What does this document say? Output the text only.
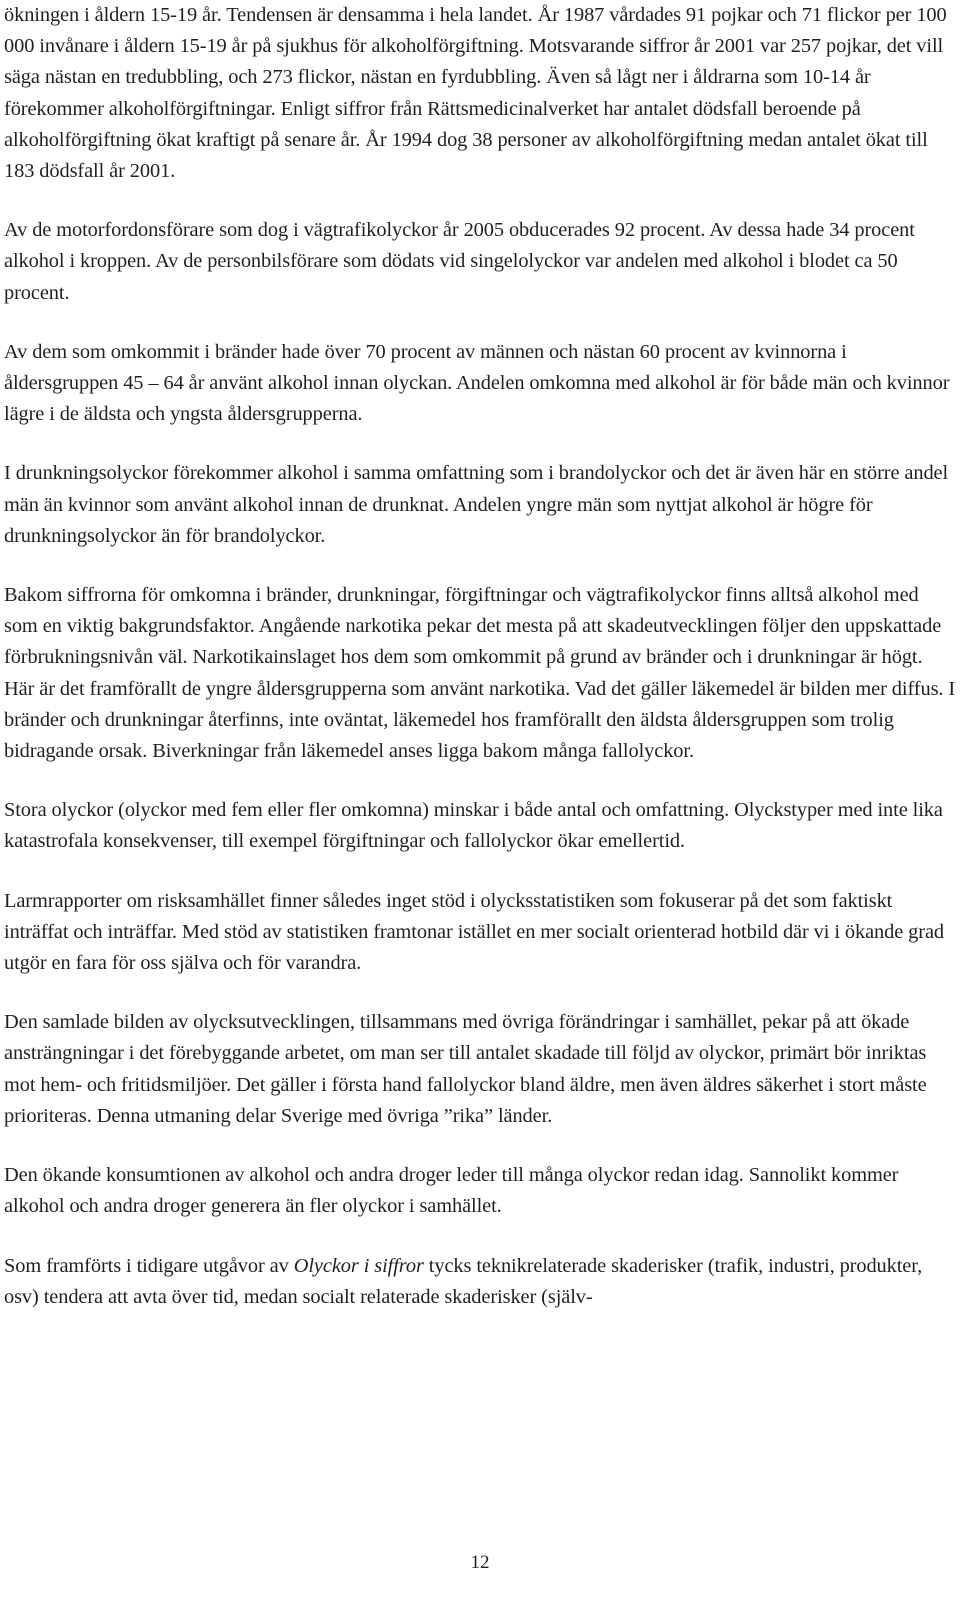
ökningen i åldern 15-19 år. Tendensen är densamma i hela landet. År 1987 vårdades 91 pojkar och 71 flickor per 100 000 invånare i åldern 15-19 år på sjukhus för alkoholförgiftning. Motsvarande siffror år 2001 var 257 pojkar, det vill säga nästan en tredubbling, och 273 flickor, nästan en fyrdubbling. Även så lågt ner i åldrarna som 10-14 år förekommer alkoholförgiftningar. Enligt siffror från Rättsmedicinalverket har antalet dödsfall beroende på alkoholförgiftning ökat kraftigt på senare år. År 1994 dog 38 personer av alkoholförgiftning medan antalet ökat till 183 dödsfall år 2001.

Av de motorfordonsförare som dog i vägtrafikolyckor år 2005 obducerades 92 procent. Av dessa hade 34 procent alkohol i kroppen. Av de personbilsförare som dödats vid singelolyckor var andelen med alkohol i blodet ca 50 procent.

Av dem som omkommit i bränder hade över 70 procent av männen och nästan 60 procent av kvinnorna i åldersgruppen 45 – 64 år använt alkohol innan olyckan. Andelen omkomna med alkohol är för både män och kvinnor lägre i de äldsta och yngsta åldersgrupperna.

I drunkningsolyckor förekommer alkohol i samma omfattning som i brandolyckor och det är även här en större andel män än kvinnor som använt alkohol innan de drunknat. Andelen yngre män som nyttjat alkohol är högre för drunkningsolyckor än för brandolyckor.

Bakom siffrorna för omkomna i bränder, drunkningar, förgiftningar och vägtrafikolyckor finns alltså alkohol med som en viktig bakgrundsfaktor. Angående narkotika pekar det mesta på att skadeutvecklingen följer den uppskattade förbrukningsnivån väl. Narkotikainslaget hos dem som omkommit på grund av bränder och i drunkningar är högt. Här är det framförallt de yngre åldersgrupperna som använt narkotika. Vad det gäller läkemedel är bilden mer diffus. I bränder och drunkningar återfinns, inte oväntat, läkemedel hos framförallt den äldsta åldersgruppen som trolig bidragande orsak. Biverkningar från läkemedel anses ligga bakom många fallolyckor.

Stora olyckor (olyckor med fem eller fler omkomna) minskar i både antal och omfattning. Olyckstyper med inte lika katastrofala konsekvenser, till exempel förgiftningar och fallolyckor ökar emellertid.

Larmrapporter om risksamhället finner således inget stöd i olycksstatistiken som fokuserar på det som faktiskt inträffat och inträffar. Med stöd av statistiken framtonar istället en mer socialt orienterad hotbild där vi i ökande grad utgör en fara för oss själva och för varandra.

Den samlade bilden av olycksutvecklingen, tillsammans med övriga förändringar i samhället, pekar på att ökade ansträngningar i det förebyggande arbetet, om man ser till antalet skadade till följd av olyckor, primärt bör inriktas mot hem- och fritidsmiljöer. Det gäller i första hand fallolyckor bland äldre, men även äldres säkerhet i stort måste prioriteras. Denna utmaning delar Sverige med övriga ”rika” länder.

Den ökande konsumtionen av alkohol och andra droger leder till många olyckor redan idag. Sannolikt kommer alkohol och andra droger generera än fler olyckor i samhället.

Som framförts i tidigare utgåvor av Olyckor i siffror tycks teknikrelaterade skaderisker (trafik, industri, produkter, osv) tendera att avta över tid, medan socialt relaterade skaderisker (själv-

12
